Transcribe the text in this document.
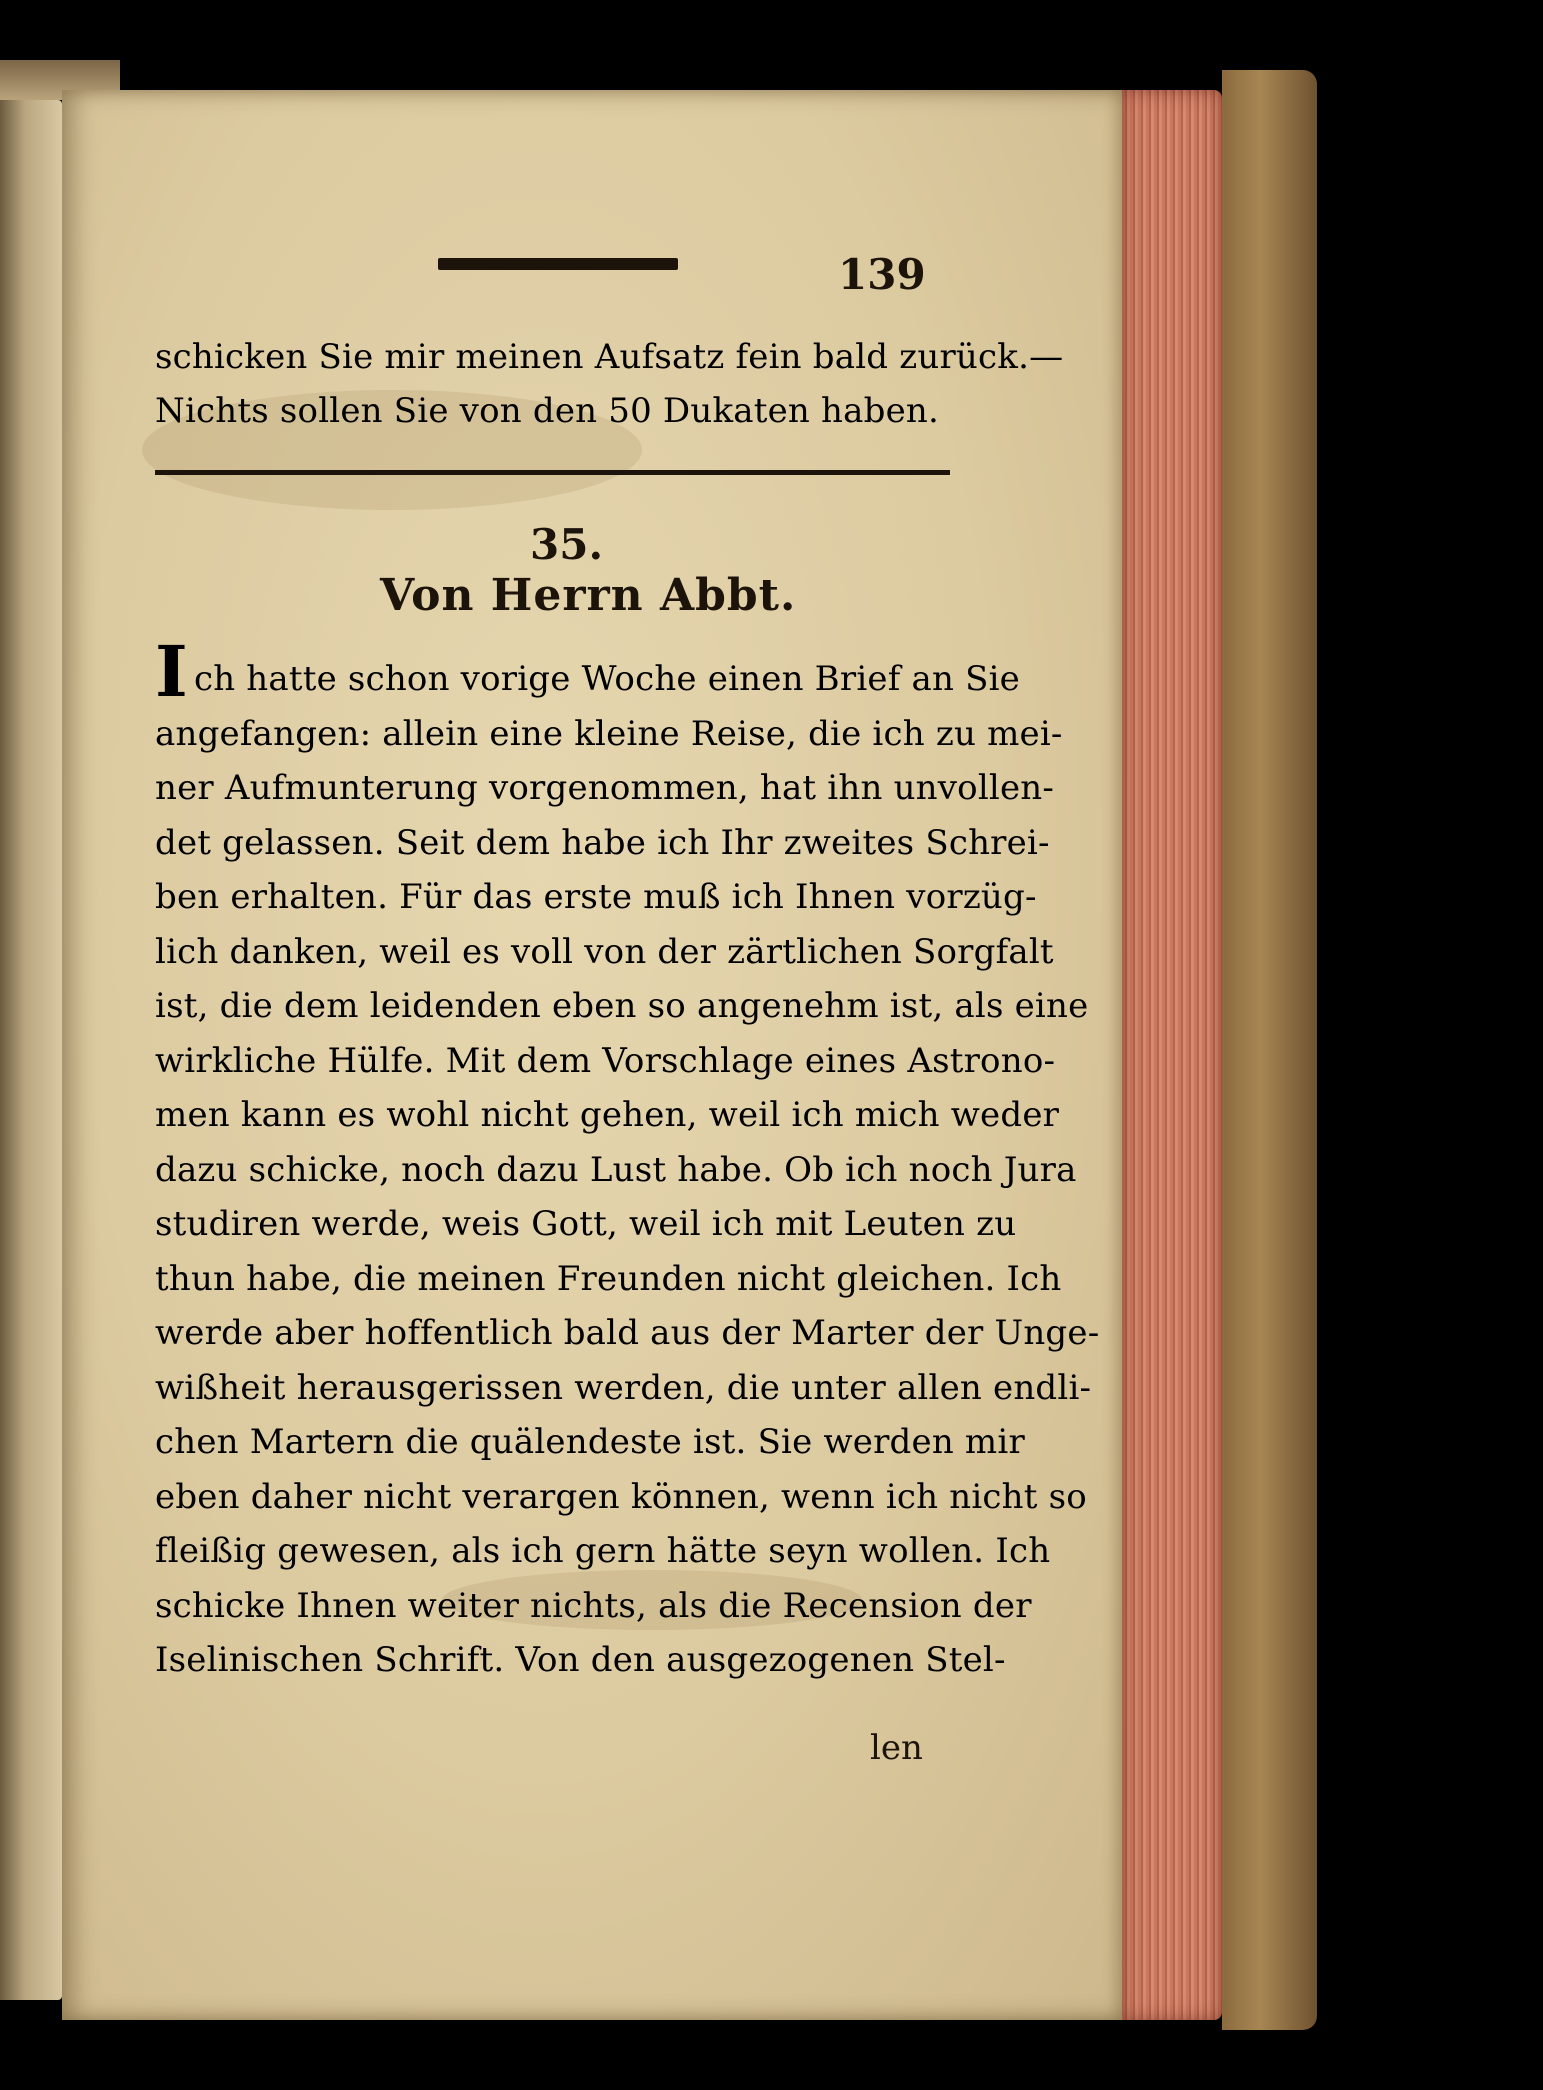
139
schicken Sie mir meinen Aufsatz fein bald zurück.—
Nichts sollen Sie von den 50 Dukaten haben.
35.
Von Herrn Abbt.
Ich hatte schon vorige Woche einen Brief an Sie
angefangen: allein eine kleine Reise, die ich zu mei-
ner Aufmunterung vorgenommen, hat ihn unvollen-
det gelassen. Seit dem habe ich Ihr zweites Schrei-
ben erhalten. Für das erste muß ich Ihnen vorzüg-
lich danken, weil es voll von der zärtlichen Sorgfalt
ist, die dem leidenden eben so angenehm ist, als eine
wirkliche Hülfe. Mit dem Vorschlage eines Astrono-
men kann es wohl nicht gehen, weil ich mich weder
dazu schicke, noch dazu Lust habe. Ob ich noch Jura
studiren werde, weis Gott, weil ich mit Leuten zu
thun habe, die meinen Freunden nicht gleichen. Ich
werde aber hoffentlich bald aus der Marter der Unge-
wißheit herausgerissen werden, die unter allen endli-
chen Martern die quälendeste ist. Sie werden mir
eben daher nicht verargen können, wenn ich nicht so
fleißig gewesen, als ich gern hätte seyn wollen. Ich
schicke Ihnen weiter nichts, als die Recension der
Iselinischen Schrift. Von den ausgezogenen Stel-
len
